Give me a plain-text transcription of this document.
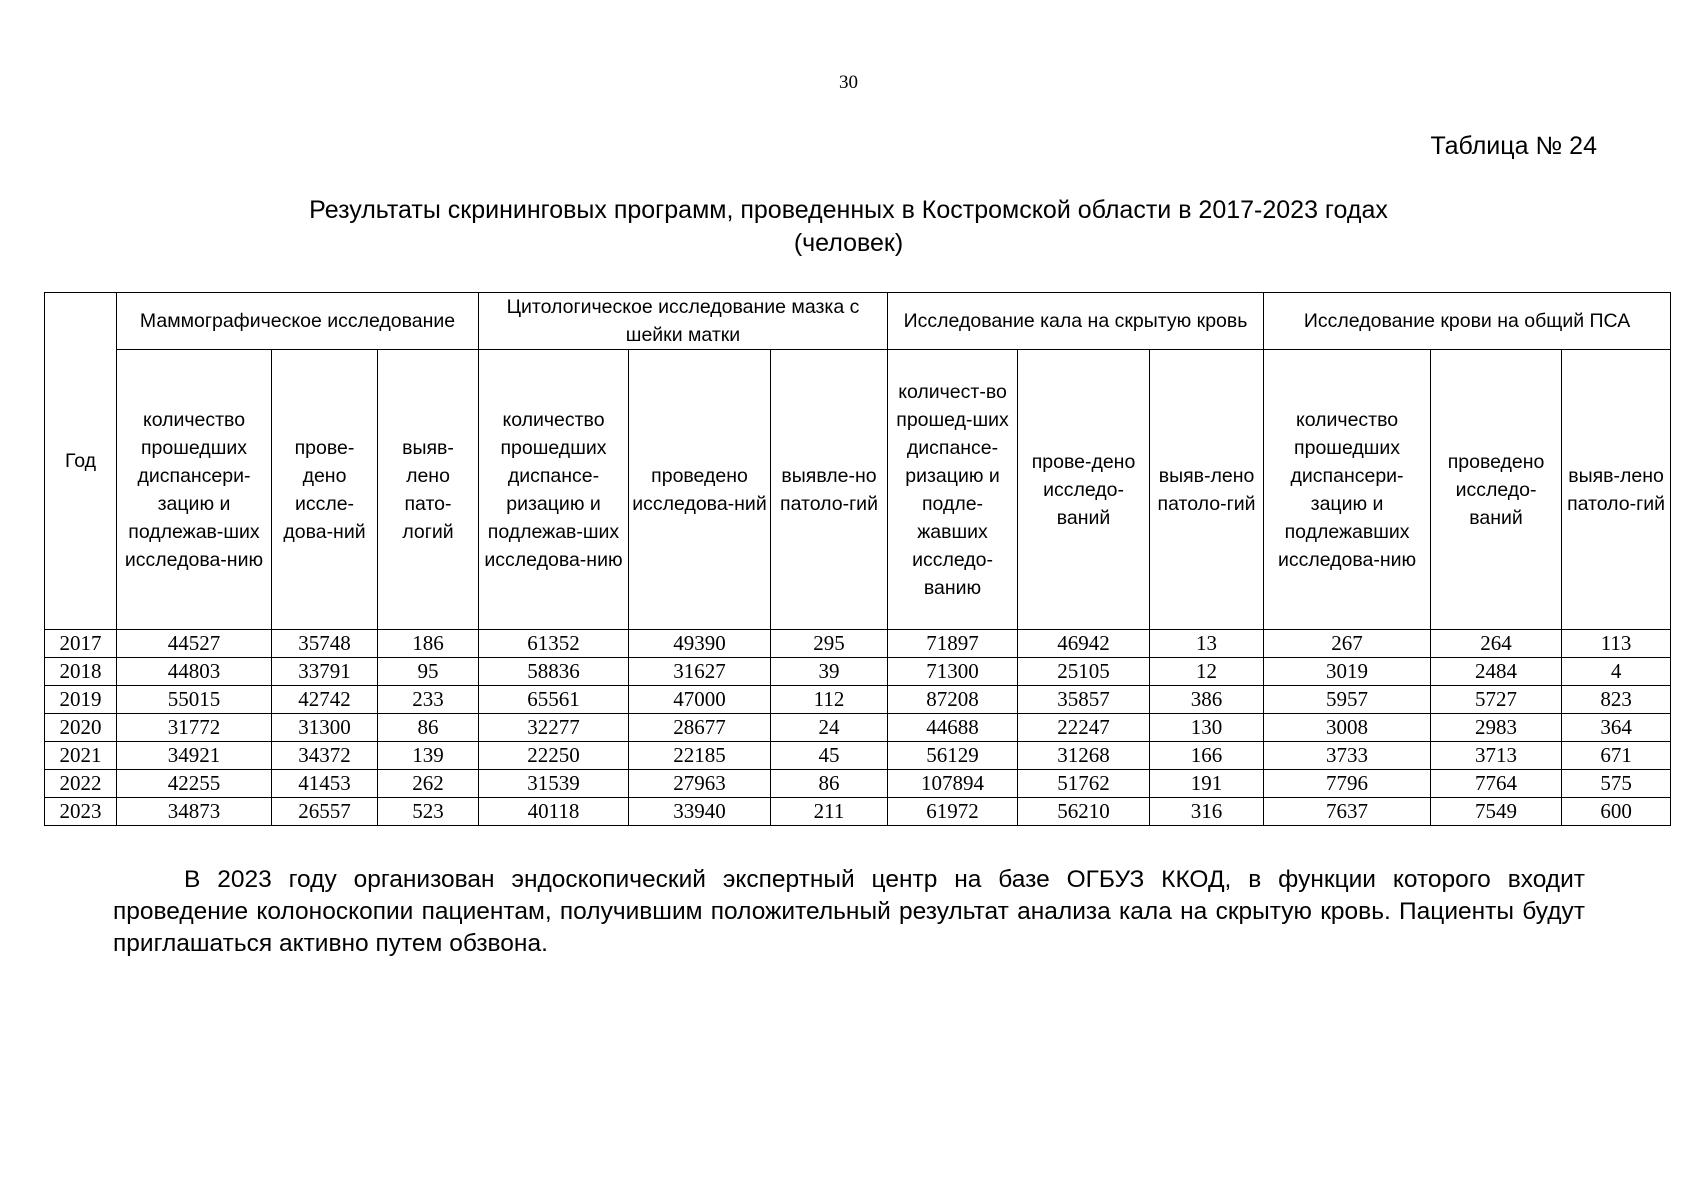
30
Таблица № 24
Результаты скрининговых программ, проведенных в Костромской области в 2017-2023 годах
(человек)
Год	Маммографическое исследование			Цитологическое исследование мазка с шейки матки			Исследование кала на скрытую кровь			Исследование крови на общий ПСА		
	количество прошедших диспансери-зацию и подлежав-ших исследова-нию	прове-дено иссле-дова-ний	выяв-лено пато-логий	количество прошедших диспансе-ризацию и подлежав-ших исследова-нию	проведено исследова-ний	выявле-но патоло-гий	количест-во прошед-ших диспансе-ризацию и подле-жавших исследо-ванию	прове-дено исследо-ваний	выяв-лено патоло-гий	количество прошедших диспансери-зацию и подлежавших исследова-нию	проведено исследо-ваний	выяв-лено патоло-гий
2017	44527	35748	186	61352	49390	295	71897	46942	13	267	264	113
2018	44803	33791	95	58836	31627	39	71300	25105	12	3019	2484	4
2019	55015	42742	233	65561	47000	112	87208	35857	386	5957	5727	823
2020	31772	31300	86	32277	28677	24	44688	22247	130	3008	2983	364
2021	34921	34372	139	22250	22185	45	56129	31268	166	3733	3713	671
2022	42255	41453	262	31539	27963	86	107894	51762	191	7796	7764	575
2023	34873	26557	523	40118	33940	211	61972	56210	316	7637	7549	600
В 2023 году организован эндоскопический экспертный центр на базе ОГБУЗ ККОД, в функции которого входит проведение колоноскопии пациентам, получившим положительный результат анализа кала на скрытую кровь. Пациенты будут приглашаться активно путем обзвона.
